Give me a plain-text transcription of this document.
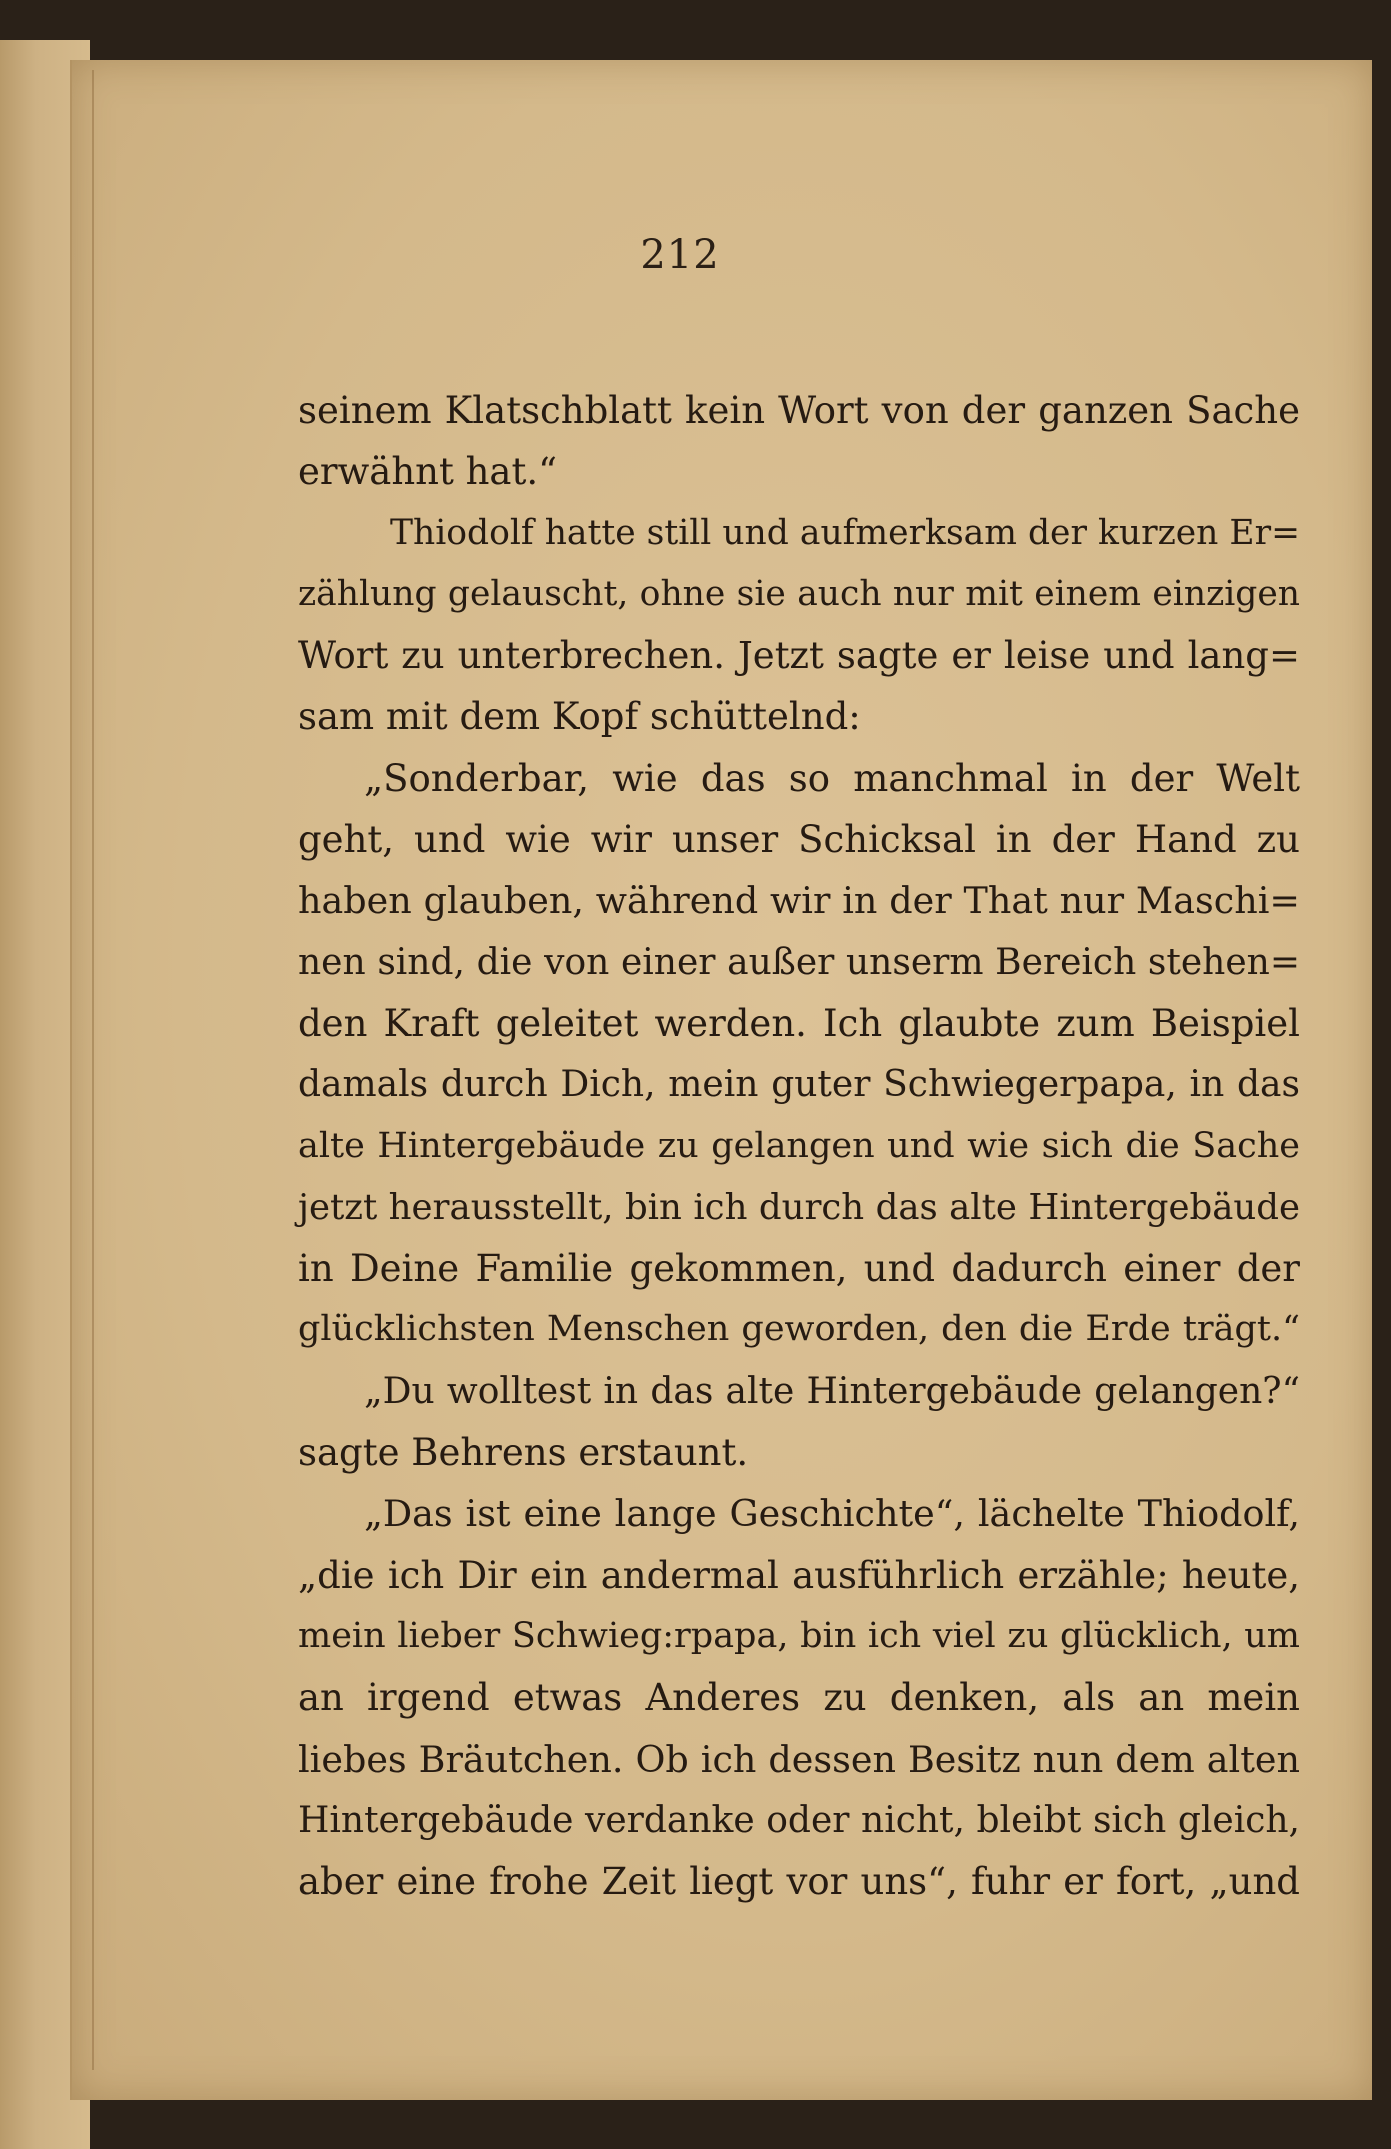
212
seinem Klatschblatt kein Wort von der ganzen Sache
erwähnt hat.“
Thiodolf hatte still und aufmerksam der kurzen Er=
zählung gelauscht, ohne sie auch nur mit einem einzigen
Wort zu unterbrechen. Jetzt sagte er leise und lang=
sam mit dem Kopf schüttelnd:
„Sonderbar, wie das so manchmal in der Welt
geht, und wie wir unser Schicksal in der Hand zu
haben glauben, während wir in der That nur Maschi=
nen sind, die von einer außer unserm Bereich stehen=
den Kraft geleitet werden. Ich glaubte zum Beispiel
damals durch Dich, mein guter Schwiegerpapa, in das
alte Hintergebäude zu gelangen und wie sich die Sache
jetzt herausstellt, bin ich durch das alte Hintergebäude
in Deine Familie gekommen, und dadurch einer der
glücklichsten Menschen geworden, den die Erde trägt.“
„Du wolltest in das alte Hintergebäude gelangen?“
sagte Behrens erstaunt.
„Das ist eine lange Geschichte“, lächelte Thiodolf,
„die ich Dir ein andermal ausführlich erzähle; heute,
mein lieber Schwieg:rpapa, bin ich viel zu glücklich, um
an irgend etwas Anderes zu denken, als an mein
liebes Bräutchen. Ob ich dessen Besitz nun dem alten
Hintergebäude verdanke oder nicht, bleibt sich gleich,
aber eine frohe Zeit liegt vor uns“, fuhr er fort, „und
